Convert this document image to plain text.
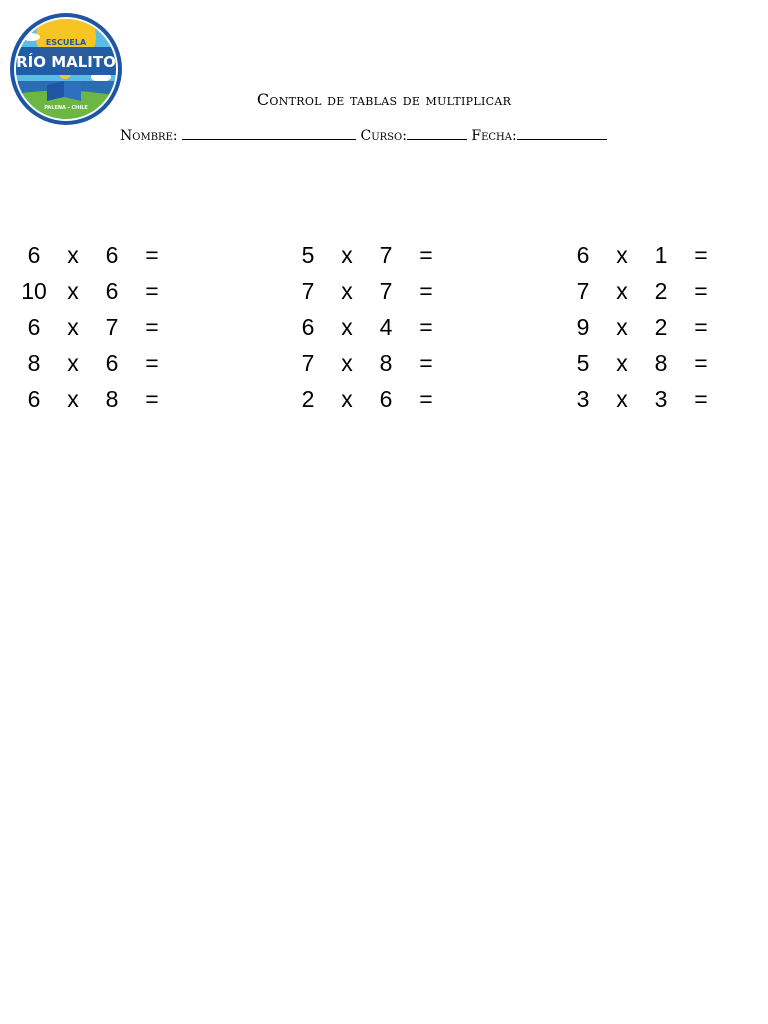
ESCUELA
RÍO MALITO
PALENA - CHILE	Control de tablas de multiplicar
Nombre:	Curso:	Fecha:
6	x	6	=
10 x	6	=
6	x	7	=
8	x	6	=
6	x	8	=
5	x	7	=
7	x	7	=
6	x	4	=
7	x	8	=
2	x	6	=
6	x	1	=
7	x	2	=
9	x	2	=
5	x	8	=
3	x	3	=
